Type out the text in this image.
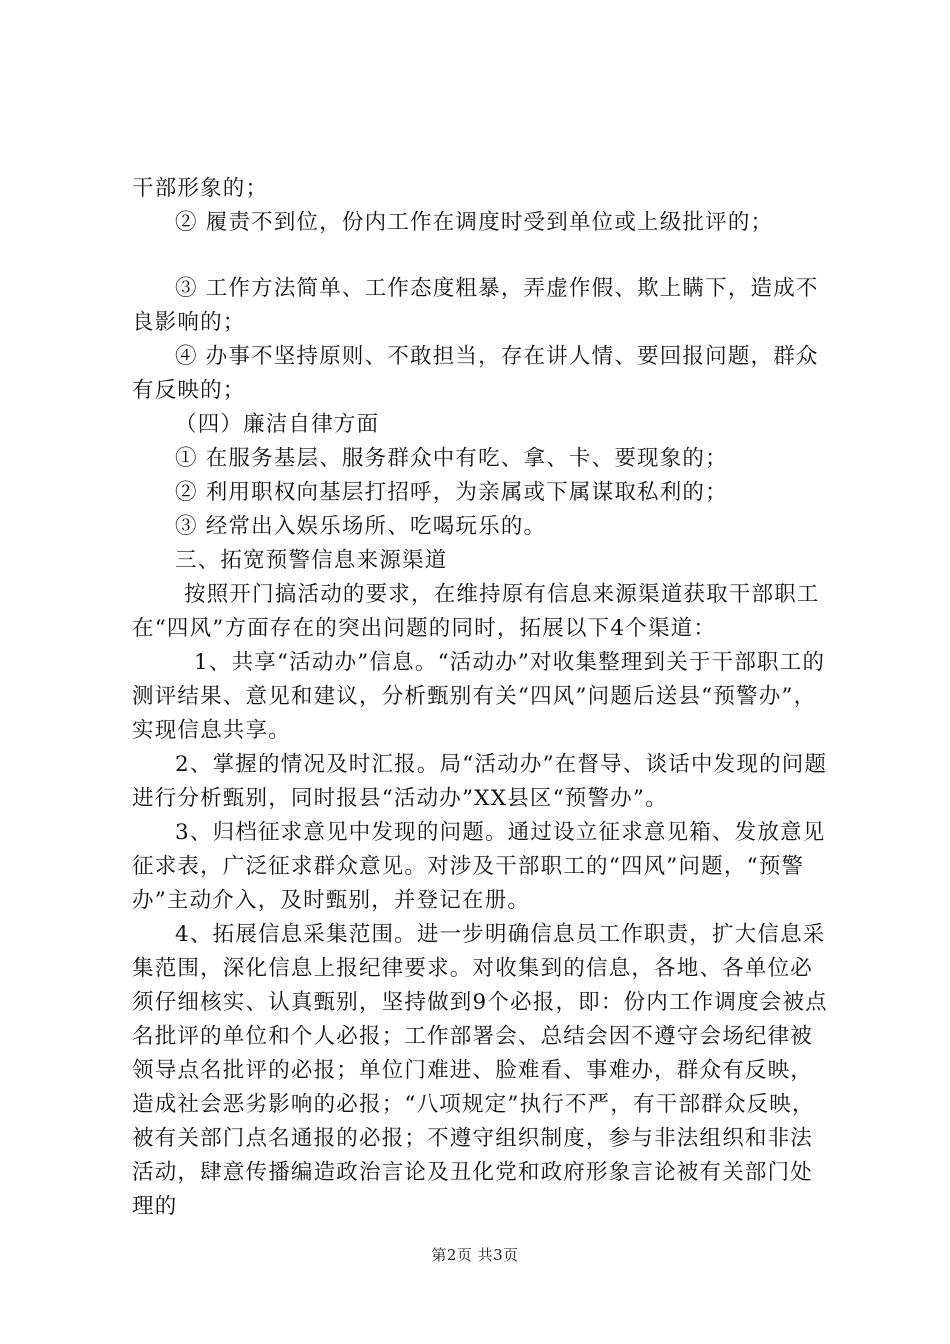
干部形象的；

② 履责不到位，份内工作在调度时受到单位或上级批评的；

③ 工作方法简单、工作态度粗暴，弄虚作假、欺上瞒下，造成不良影响的；

④ 办事不坚持原则、不敢担当，存在讲人情、要回报问题，群众有反映的；

（四）廉洁自律方面

① 在服务基层、服务群众中有吃、拿、卡、要现象的；

② 利用职权向基层打招呼，为亲属或下属谋取私利的；

③ 经常出入娱乐场所、吃喝玩乐的。

三、拓宽预警信息来源渠道

按照开门搞活动的要求，在维持原有信息来源渠道获取干部职工在“四风”方面存在的突出问题的同时，拓展以下4个渠道：

1、共享“活动办”信息。“活动办”对收集整理到关于干部职工的测评结果、意见和建议，分析甄别有关“四风”问题后送县“预警办”，实现信息共享。

2、掌握的情况及时汇报。局“活动办”在督导、谈话中发现的问题进行分析甄别，同时报县“活动办”XX县区“预警办”。

3、归档征求意见中发现的问题。通过设立征求意见箱、发放意见征求表，广泛征求群众意见。对涉及干部职工的“四风”问题，“预警办”主动介入，及时甄别，并登记在册。

4、拓展信息采集范围。进一步明确信息员工作职责，扩大信息采集范围，深化信息上报纪律要求。对收集到的信息，各地、各单位必须仔细核实、认真甄别，坚持做到9个必报，即：份内工作调度会被点名批评的单位和个人必报；工作部署会、总结会因不遵守会场纪律被领导点名批评的必报；单位门难进、脸难看、事难办，群众有反映，造成社会恶劣影响的必报；“八项规定”执行不严，有干部群众反映，被有关部门点名通报的必报；不遵守组织制度，参与非法组织和非法活动，肆意传播编造政治言论及丑化党和政府形象言论被有关部门处理的

第2页 共3页
